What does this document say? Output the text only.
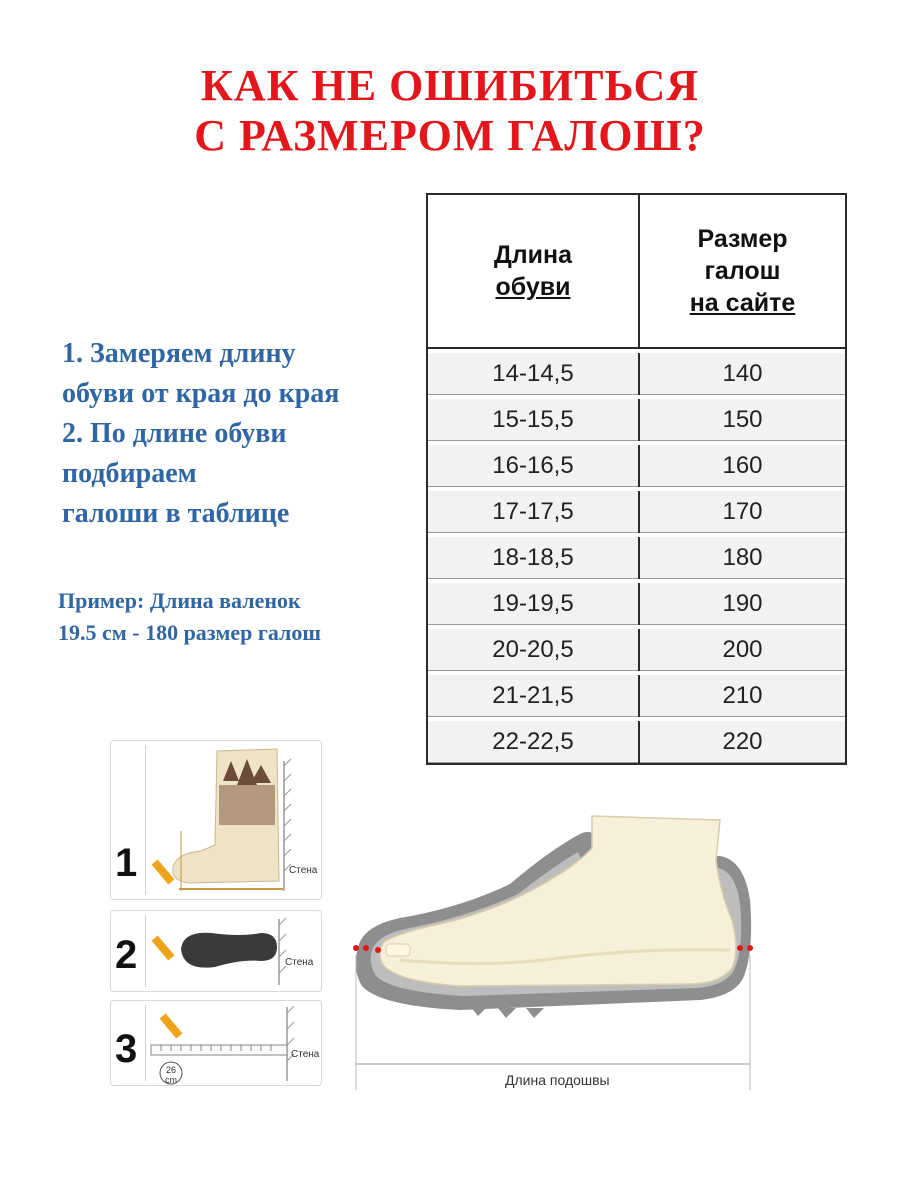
КАК НЕ ОШИБИТЬСЯ
С РАЗМЕРОМ ГАЛОШ?
1. Замеряем длину
обуви от края до края
2. По длине обуви
подбираем
галоши в таблице
Пример: Длина валенок
19.5 см - 180 размер галош
Длина
обуви
Размер
галош
на сайте
14-14,5	140
15-15,5	150
16-16,5	160
17-17,5	170
18-18,5	180
19-19,5	190
20-20,5	200
21-21,5	210
22-22,5	220
1	Стена
2	Стена
3	26 cm
Стена
Длина подошвы
